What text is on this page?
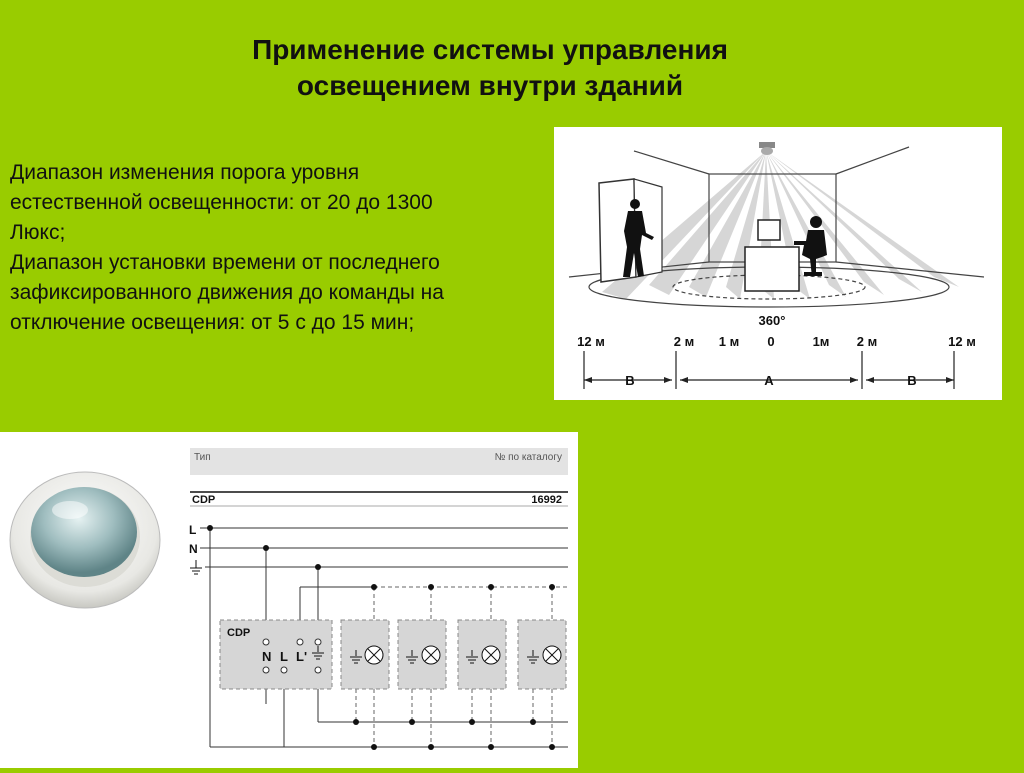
Применение системы управления
освещением внутри зданий

Диапазон изменения порога уровня естественной освещенности: от 20 до 1300 Люкс;

Диапазон установки времени от последнего зафиксированного движения до команды на отключение освещения: от 5 с до 15 мин;	360°
12 м	2 м 1 м 0	1м 2 м	12 м
B	A	B
Тип	№ по каталогу
CDP	16992
L
N
CDP
N L L'
